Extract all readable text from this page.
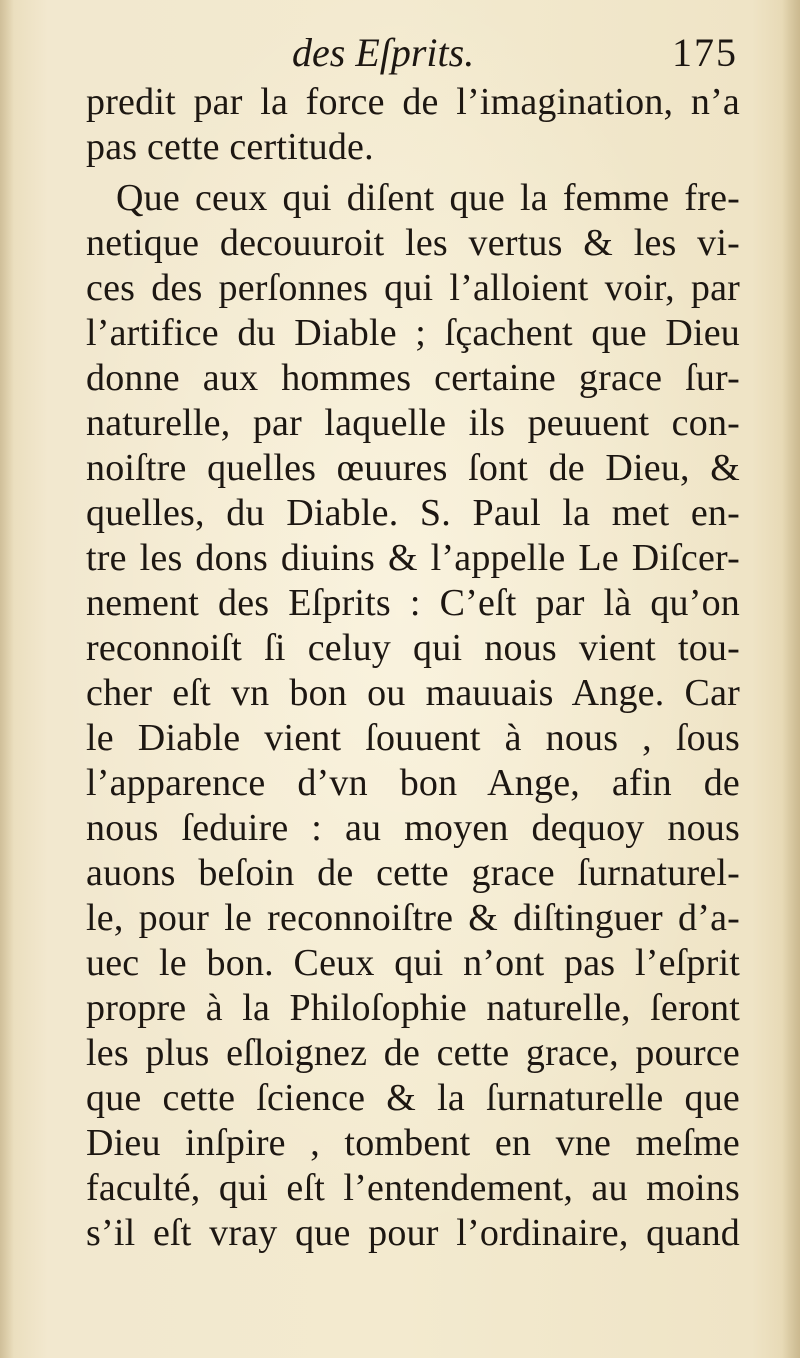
des Eſprits.	175
predit par la force de l’imagination, n’a
pas cette certitude.
Que ceux qui diſent que la femme fre-
netique decouuroit les vertus & les vi-
ces des perſonnes qui l’alloient voir, par
l’artifice du Diable ; ſçachent que Dieu
donne aux hommes certaine grace ſur-
naturelle, par laquelle ils peuuent con-
noiſtre quelles œuures ſont de Dieu, &
quelles, du Diable. S. Paul la met en-
tre les dons diuins & l’appelle Le Diſcer-
nement des Eſprits : C’eſt par là qu’on
reconnoiſt ſi celuy qui nous vient tou-
cher eſt vn bon ou mauuais Ange. Car
le Diable vient ſouuent à nous , ſous
l’apparence d’vn bon Ange, afin de
nous ſeduire : au moyen dequoy nous
auons beſoin de cette grace ſurnaturel-
le, pour le reconnoiſtre & diſtinguer d’a-
uec le bon. Ceux qui n’ont pas l’eſprit
propre à la Philoſophie naturelle, ſeront
les plus eſloignez de cette grace, pource
que cette ſcience & la ſurnaturelle que
Dieu inſpire , tombent en vne meſme
faculté, qui eſt l’entendement, au moins
s’il eſt vray que pour l’ordinaire, quand
